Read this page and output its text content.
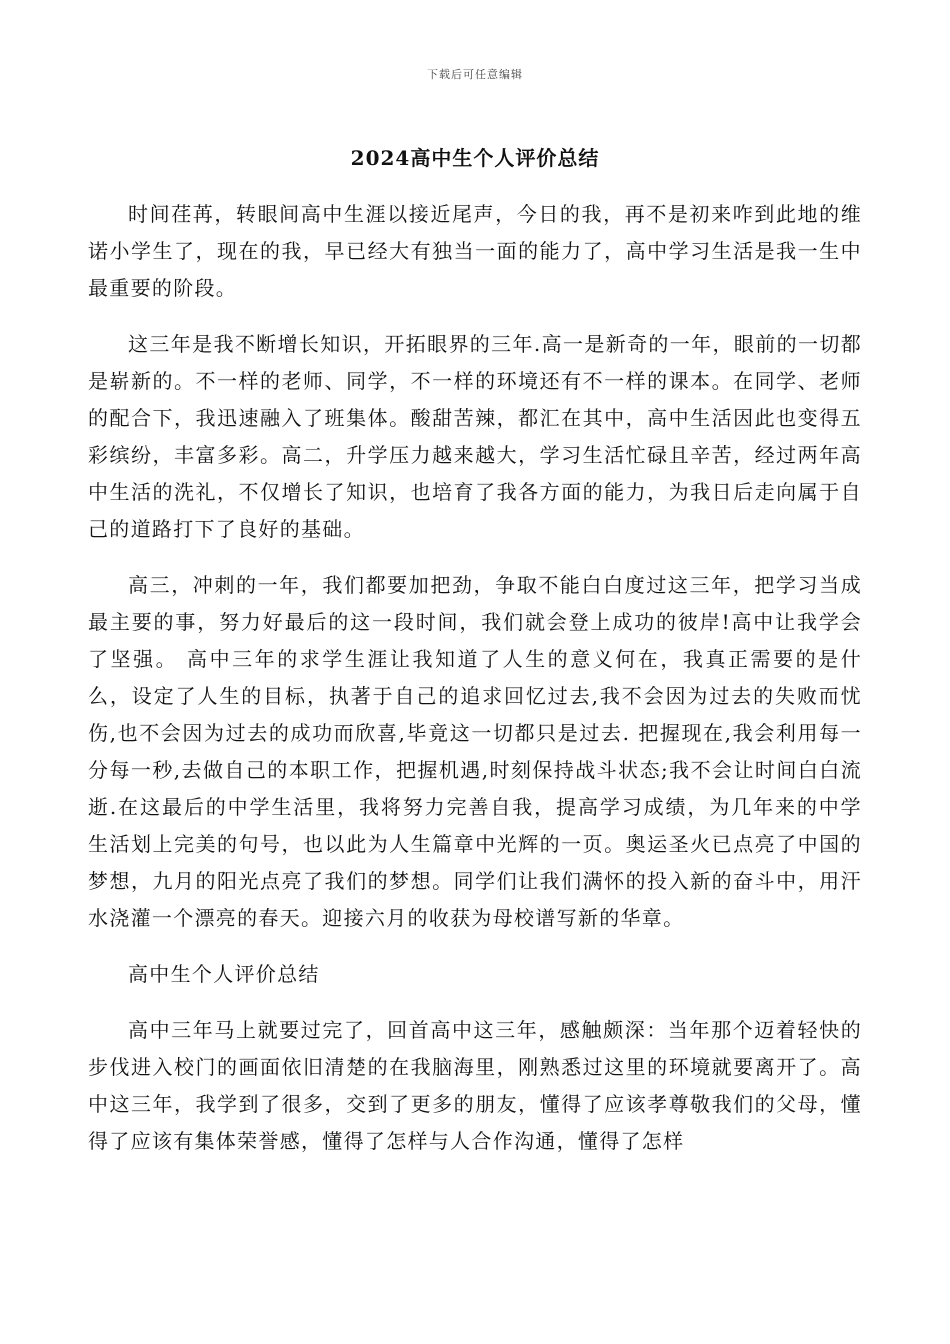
下载后可任意编辑
2024高中生个人评价总结

时间荏苒，转眼间高中生涯以接近尾声，今日的我，再不是初来咋到此地的维诺小学生了，现在的我，早已经大有独当一面的能力了，高中学习生活是我一生中最重要的阶段。

这三年是我不断增长知识，开拓眼界的三年.高一是新奇的一年，眼前的一切都是崭新的。不一样的老师、同学，不一样的环境还有不一样的课本。在同学、老师的配合下，我迅速融入了班集体。酸甜苦辣，都汇在其中，高中生活因此也变得五彩缤纷，丰富多彩。高二，升学压力越来越大，学习生活忙碌且辛苦，经过两年高中生活的洗礼，不仅增长了知识，也培育了我各方面的能力，为我日后走向属于自己的道路打下了良好的基础。

高三，冲刺的一年，我们都要加把劲，争取不能白白度过这三年，把学习当成最主要的事，努力好最后的这一段时间，我们就会登上成功的彼岸!高中让我学会了坚强。 高中三年的求学生涯让我知道了人生的意义何在，我真正需要的是什么，设定了人生的目标，执著于自己的追求回忆过去,我不会因为过去的失败而忧伤,也不会因为过去的成功而欣喜,毕竟这一切都只是过去. 把握现在,我会利用每一分每一秒,去做自己的本职工作，把握机遇,时刻保持战斗状态;我不会让时间白白流逝.在这最后的中学生活里，我将努力完善自我，提高学习成绩，为几年来的中学生活划上完美的句号，也以此为人生篇章中光辉的一页。奥运圣火已点亮了中国的梦想，九月的阳光点亮了我们的梦想。同学们让我们满怀的投入新的奋斗中，用汗水浇灌一个漂亮的春天。迎接六月的收获为母校谱写新的华章。

高中生个人评价总结

高中三年马上就要过完了，回首高中这三年，感触颇深：当年那个迈着轻快的步伐进入校门的画面依旧清楚的在我脑海里，刚熟悉过这里的环境就要离开了。高中这三年，我学到了很多，交到了更多的朋友，懂得了应该孝尊敬我们的父母，懂得了应该有集体荣誉感，懂得了怎样与人合作沟通，懂得了怎样
